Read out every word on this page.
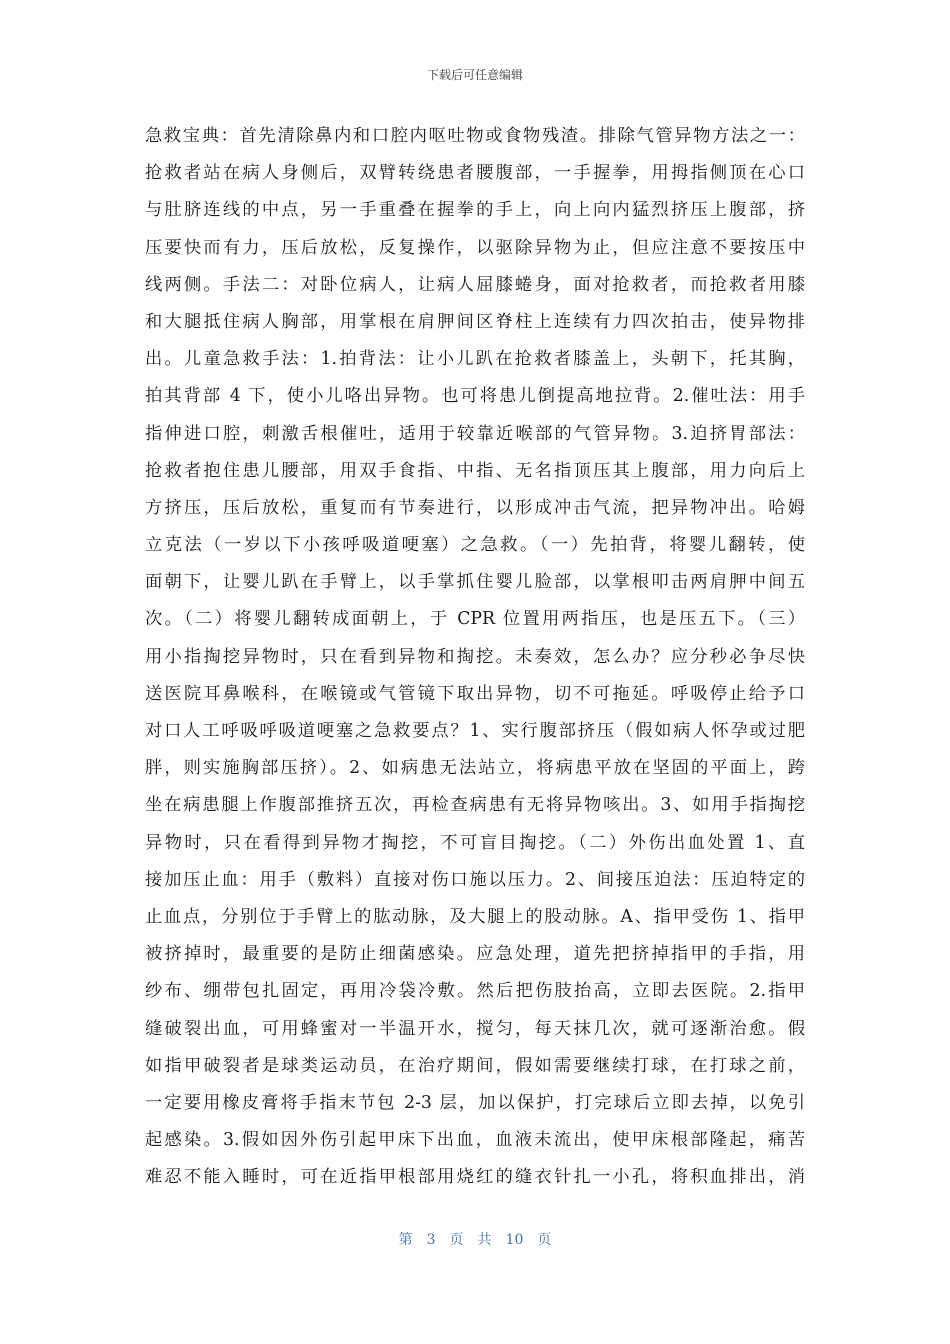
下载后可任意编辑
急救宝典：首先清除鼻内和口腔内呕吐物或食物残渣。排除气管异物方法之一：
抢救者站在病人身侧后，双臂转绕患者腰腹部，一手握拳，用拇指侧顶在心口
与肚脐连线的中点，另一手重叠在握拳的手上，向上向内猛烈挤压上腹部，挤
压要快而有力，压后放松，反复操作，以驱除异物为止，但应注意不要按压中
线两侧。手法二：对卧位病人，让病人屈膝蜷身，面对抢救者，而抢救者用膝
和大腿抵住病人胸部，用掌根在肩胛间区脊柱上连续有力四次拍击，使异物排
出。儿童急救手法：1.拍背法：让小儿趴在抢救者膝盖上，头朝下，托其胸，
拍其背部 4 下，使小儿咯出异物。也可将患儿倒提高地拉背。2.催吐法：用手
指伸进口腔，刺激舌根催吐，适用于较靠近喉部的气管异物。3.迫挤胃部法：
抢救者抱住患儿腰部，用双手食指、中指、无名指顶压其上腹部，用力向后上
方挤压，压后放松，重复而有节奏进行，以形成冲击气流，把异物冲出。哈姆
立克法（一岁以下小孩呼吸道哽塞）之急救。（一）先拍背，将婴儿翻转，使
面朝下，让婴儿趴在手臂上，以手掌抓住婴儿脸部，以掌根叩击两肩胛中间五
次。（二）将婴儿翻转成面朝上，于 CPR 位置用两指压，也是压五下。（三）
用小指掏挖异物时，只在看到异物和掏挖。未奏效，怎么办？应分秒必争尽快
送医院耳鼻喉科，在喉镜或气管镜下取出异物，切不可拖延。呼吸停止给予口
对口人工呼吸呼吸道哽塞之急救要点？1、实行腹部挤压（假如病人怀孕或过肥
胖，则实施胸部压挤）。2、如病患无法站立，将病患平放在坚固的平面上，跨
坐在病患腿上作腹部推挤五次，再检查病患有无将异物咳出。3、如用手指掏挖
异物时，只在看得到异物才掏挖，不可盲目掏挖。（二）外伤出血处置 1、直
接加压止血：用手（敷料）直接对伤口施以压力。2、间接压迫法：压迫特定的
止血点，分别位于手臂上的肱动脉，及大腿上的股动脉。A、指甲受伤 1、指甲
被挤掉时，最重要的是防止细菌感染。应急处理，道先把挤掉指甲的手指，用
纱布、绷带包扎固定，再用冷袋冷敷。然后把伤肢抬高，立即去医院。2.指甲
缝破裂出血，可用蜂蜜对一半温开水，搅匀，每天抹几次，就可逐渐治愈。假
如指甲破裂者是球类运动员，在治疗期间，假如需要继续打球，在打球之前，
一定要用橡皮膏将手指末节包 2-3 层，加以保护，打完球后立即去掉，以免引
起感染。3.假如因外伤引起甲床下出血，血液未流出，使甲床根部隆起，痛苦
难忍不能入睡时，可在近指甲根部用烧红的缝衣针扎一小孔，将积血排出，消
第 3 页共10 页
